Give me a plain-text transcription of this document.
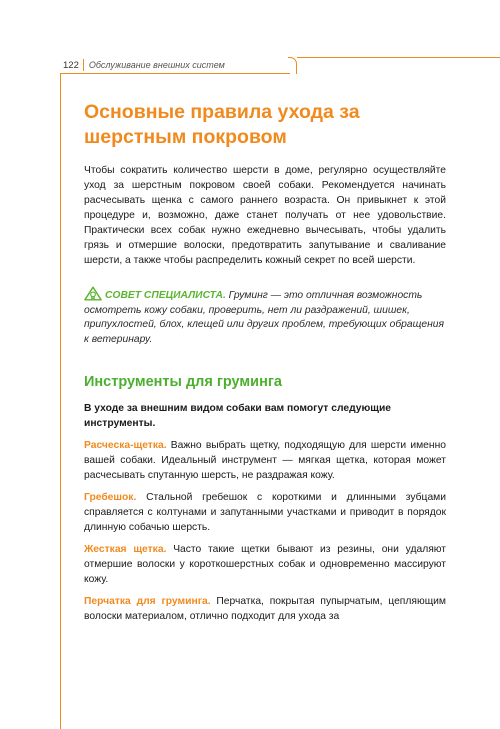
122	Обслуживание внешних систем
Основные правила ухода за шерстным покровом

Чтобы сократить количество шерсти в доме, регулярно осуществляйте уход за шерстным покровом своей собаки. Рекомендуется начинать расчесывать щенка с самого раннего возраста. Он привыкнет к этой процедуре и, возможно, даже станет получать от нее удовольствие. Практически всех собак нужно ежедневно вычесывать, чтобы удалить грязь и отмершие волоски, предотвратить запутывание и сваливание шерсти, а также чтобы распределить кожный секрет по всей шерсти.

СОВЕТ СПЕЦИАЛИСТА. Груминг — это отличная возможность осмотреть кожу собаки, проверить, нет ли раздражений, шишек, припухлостей, блох, клещей или других проблем, требующих обращения к ветеринару.
Инструменты для груминга

В уходе за внешним видом собаки вам помогут следующие инструменты.

Расческа-щетка. Важно выбрать щетку, подходящую для шерсти именно вашей собаки. Идеальный инструмент — мягкая щетка, которая может расчесывать спутанную шерсть, не раздражая кожу.

Гребешок. Стальной гребешок с короткими и длинными зубцами справляется с колтунами и запутанными участками и приводит в порядок длинную собачью шерсть.

Жесткая щетка. Часто такие щетки бывают из резины, они удаляют отмершие волоски у короткошерстных собак и одновременно массируют кожу.

Перчатка для груминга. Перчатка, покрытая пупырчатым, цепляющим волоски материалом, отлично подходит для ухода за
